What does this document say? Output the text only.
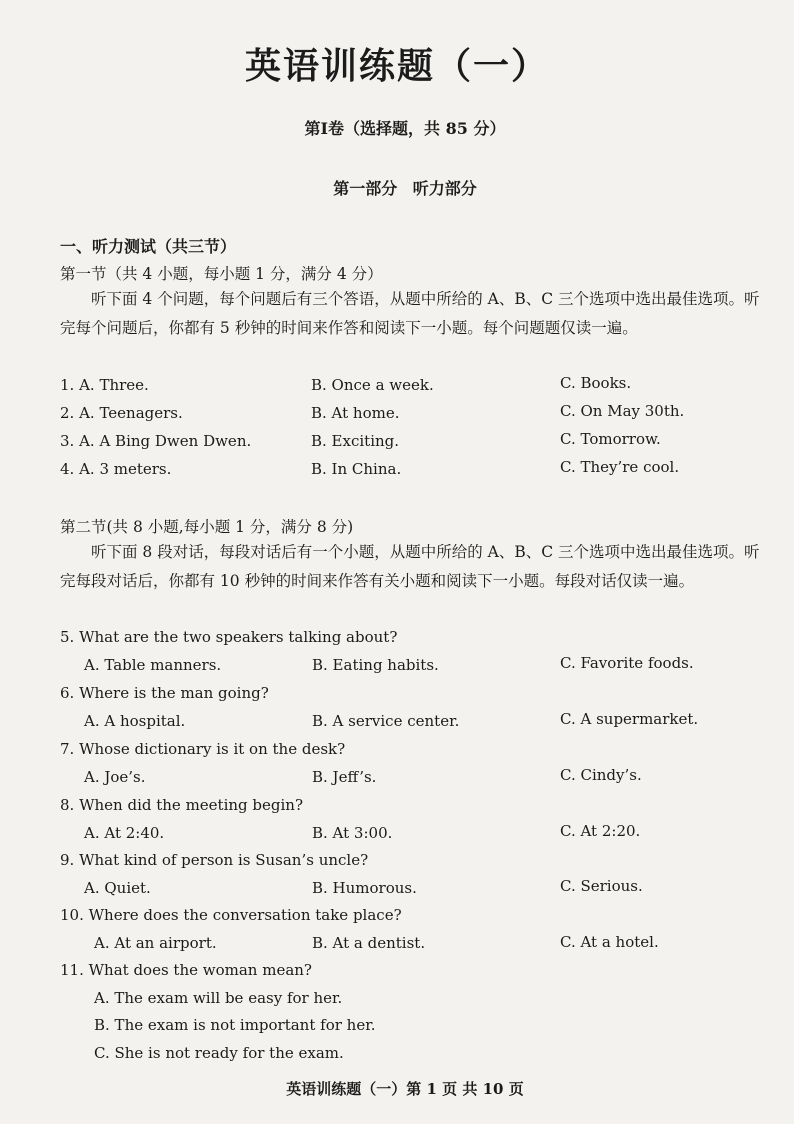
英语训练题（一）
第Ⅰ卷（选择题，共 85 分）
第一部分 听力部分
一、听力测试（共三节）
第一节（共 4 小题，每小题 1 分，满分 4 分）
听下面 4 个问题，每个问题后有三个答语，从题中所给的 A、B、C 三个选项中选出最佳选项。听完每个问题后，你都有 5 秒钟的时间来作答和阅读下一小题。每个问题题仅读一遍。
1. A. Three.	B. Once a week.	C. Books.
2. A. Teenagers.	B. At home.	C. On May 30th.
3. A. A Bing Dwen Dwen.	B. Exciting.	C. Tomorrow.
4. A. 3 meters.	B. In China.	C. They’re cool.
第二节(共 8 小题,每小题 1 分，满分 8 分)
听下面 8 段对话，每段对话后有一个小题，从题中所给的 A、B、C 三个选项中选出最佳选项。听完每段对话后，你都有 10 秒钟的时间来作答有关小题和阅读下一小题。每段对话仅读一遍。
5. What are the two speakers talking about?
A. Table manners.	B. Eating habits.	C. Favorite foods.
6. Where is the man going?
A. A hospital.	B. A service center.	C. A supermarket.
7. Whose dictionary is it on the desk?
A. Joe’s.	B. Jeff’s.	C. Cindy’s.
8. When did the meeting begin?
A. At 2:40.	B. At 3:00.	C. At 2:20.
9. What kind of person is Susan’s uncle?
A. Quiet.	B. Humorous.	C. Serious.
10. Where does the conversation take place?
A. At an airport.	B. At a dentist.	C. At a hotel.
11. What does the woman mean?
A. The exam will be easy for her.
B. The exam is not important for her.
C. She is not ready for the exam.
英语训练题（一）第 1 页 共 10 页
